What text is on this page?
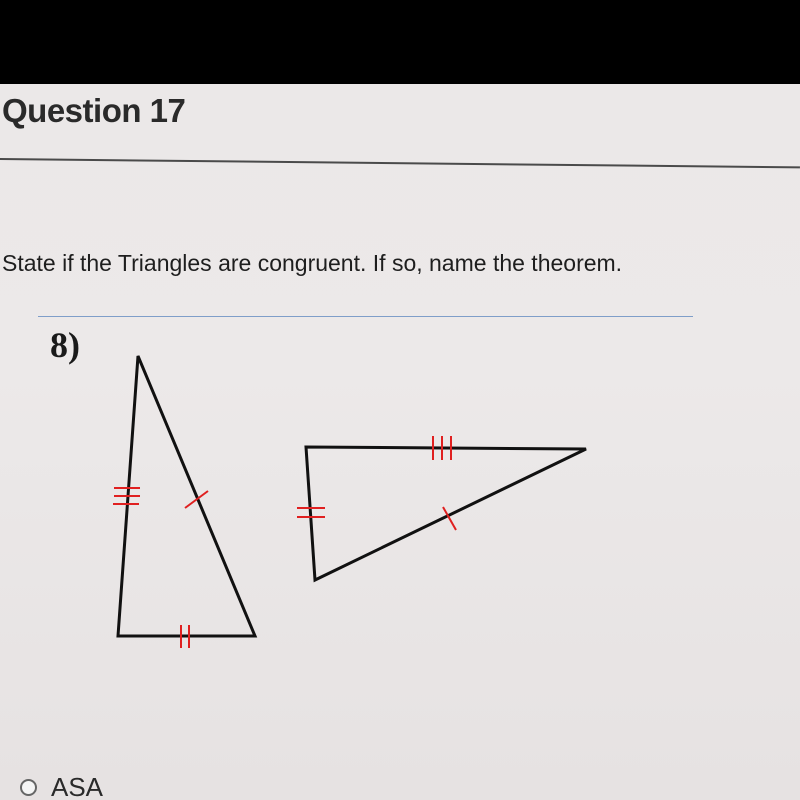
Question 17
State if the Triangles are congruent. If so, name the theorem.
8)
ASA
